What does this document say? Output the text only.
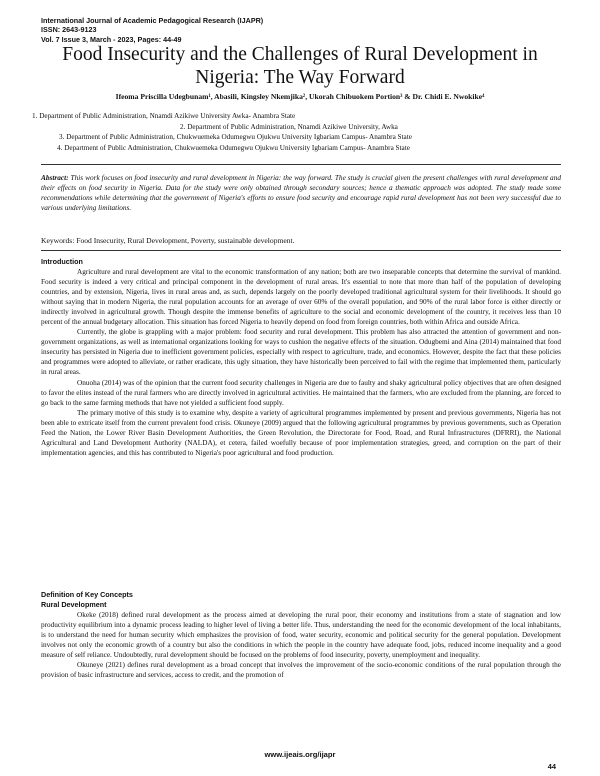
International Journal of Academic Pedagogical Research (IJAPR)
ISSN: 2643-9123
Vol. 7 Issue 3, March - 2023, Pages: 44-49
Food Insecurity and the Challenges of Rural Development in Nigeria: The Way Forward
Ifeoma Priscilla Udegbunam¹, Abasili, Kingsley Nkemjika², Ukorah Chibuokem Portion³ & Dr. Chidi E. Nwokike⁴
1. Department of Public Administration, Nnamdi Azikiwe University Awka- Anambra State
2. Department of Public Administration, Nnamdi Azikiwe University, Awka
3. Department of Public Administration, Chukwuemeka Odumegwu Ojukwu University Igbariam Campus- Anambra State
4. Department of Public Administration, Chukwuemeka Odumegwu Ojukwu University Igbariam Campus- Anambra State
Abstract: This work focuses on food insecurity and rural development in Nigeria: the way forward. The study is crucial given the present challenges with rural development and their effects on food security in Nigeria. Data for the study were only obtained through secondary sources; hence a thematic approach was adopted. The study made some recommendations while determining that the government of Nigeria's efforts to ensure food security and encourage rapid rural development has not been very successful due to various underlying limitations.
Keywords: Food Insecurity, Rural Development, Poverty, sustainable development.
Introduction

Agriculture and rural development are vital to the economic transformation of any nation; both are two inseparable concepts that determine the survival of mankind. Food security is indeed a very critical and principal component in the development of rural areas. It's essential to note that more than half of the population of developing countries, and by extension, Nigeria, lives in rural areas and, as such, depends largely on the poorly developed traditional agricultural system for their livelihoods. It should go without saying that in modern Nigeria, the rural population accounts for an average of over 60% of the overall population, and 90% of the rural labor force is either directly or indirectly involved in agricultural growth. Though despite the immense benefits of agriculture to the social and economic development of the country, it receives less than 10 percent of the annual budgetary allocation. This situation has forced Nigeria to heavily depend on food from foreign countries, both within Africa and outside Africa.

Currently, the globe is grappling with a major problem: food security and rural development. This problem has also attracted the attention of government and non-government organizations, as well as international organizations looking for ways to cushion the negative effects of the situation. Odugbemi and Aina (2014) maintained that food insecurity has persisted in Nigeria due to inefficient government policies, especially with respect to agriculture, trade, and economics. However, despite the fact that these policies and programmes were adopted to alleviate, or rather eradicate, this ugly situation, they have historically been perceived to fail with the regime that implemented them, particularly in rural areas.

Onuoha (2014) was of the opinion that the current food security challenges in Nigeria are due to faulty and shaky agricultural policy objectives that are often designed to favor the elites instead of the rural farmers who are directly involved in agricultural activities. He maintained that the farmers, who are excluded from the planning, are forced to go back to the same farming methods that have not yielded a sufficient food supply.

The primary motive of this study is to examine why, despite a variety of agricultural programmes implemented by present and previous governments, Nigeria has not been able to extricate itself from the current prevalent food crisis. Okuneye (2009) argued that the following agricultural programmes by previous governments, such as Operation Feed the Nation, the Lower River Basin Development Authorities, the Green Revolution, the Directorate for Food, Road, and Rural Infrastructures (DFRRI), the National Agricultural and Land Development Authority (NALDA), et cetera, failed woefully because of poor implementation strategies, greed, and corruption on the part of their implementation agencies, and this has contributed to Nigeria's poor agricultural and food production.

Definition of Key Concepts
Rural Development

Okeke (2018) defined rural development as the process aimed at developing the rural poor, their economy and institutions from a state of stagnation and low productivity equilibrium into a dynamic process leading to higher level of living a better life. Thus, understanding the need for the economic development of the local inhabitants, is to understand the need for human security which emphasizes the provision of food, water security, economic and political security for the general population. Development involves not only the economic growth of a country but also the conditions in which the people in the country have adequate food, jobs, reduced income inequality and a good measure of self reliance. Undoubtedly, rural development should be focused on the problems of food insecurity, poverty, unemployment and inequality.

Okuneye (2021) defines rural development as a broad concept that involves the improvement of the socio-economic conditions of the rural population through the provision of basic infrastructure and services, access to credit, and the promotion of

www.ijeais.org/ijapr
44
